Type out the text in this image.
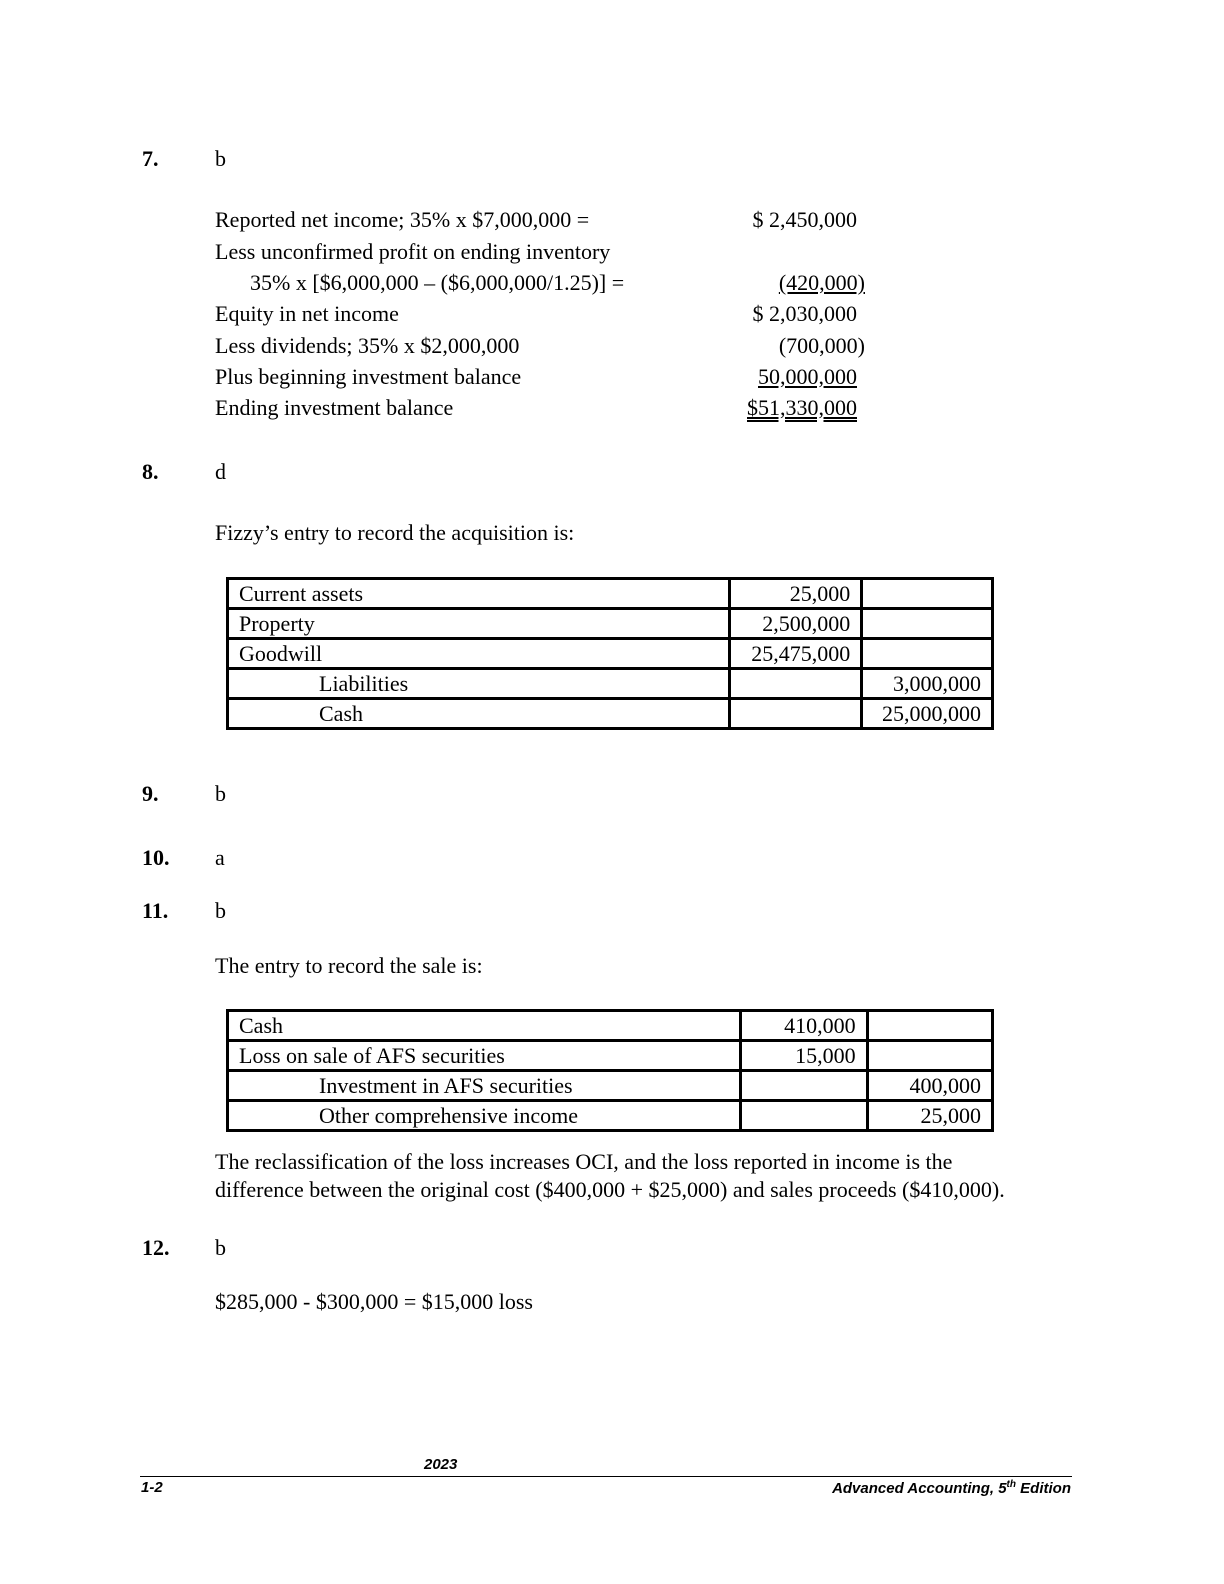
7.	b
Reported net income; 35% x $7,000,000 =	$ 2,450,000
Less unconfirmed profit on ending inventory
35% x [$6,000,000 – ($6,000,000/1.25)] =	(420,000)
Equity in net income	$ 2,030,000
Less dividends; 35% x $2,000,000	(700,000)
Plus beginning investment balance	50,000,000
Ending investment balance	$51,330,000
8.	d
Fizzy’s entry to record the acquisition is:
Current assets	25,000	
Property	2,500,000	
Goodwill	25,475,000	
Liabilities		3,000,000
Cash		25,000,000
9.	b
10. a
11. b
The entry to record the sale is:
Cash	410,000	
Loss on sale of AFS securities	15,000	
Investment in AFS securities		400,000
Other comprehensive income		25,000
The reclassification of the loss increases OCI, and the loss reported in income is the
difference between the original cost ($400,000 + $25,000) and sales proceeds ($410,000).
12. b
$285,000 - $300,000 = $15,000 loss
2023
1-2	Advanced Accounting, 5th Edition
